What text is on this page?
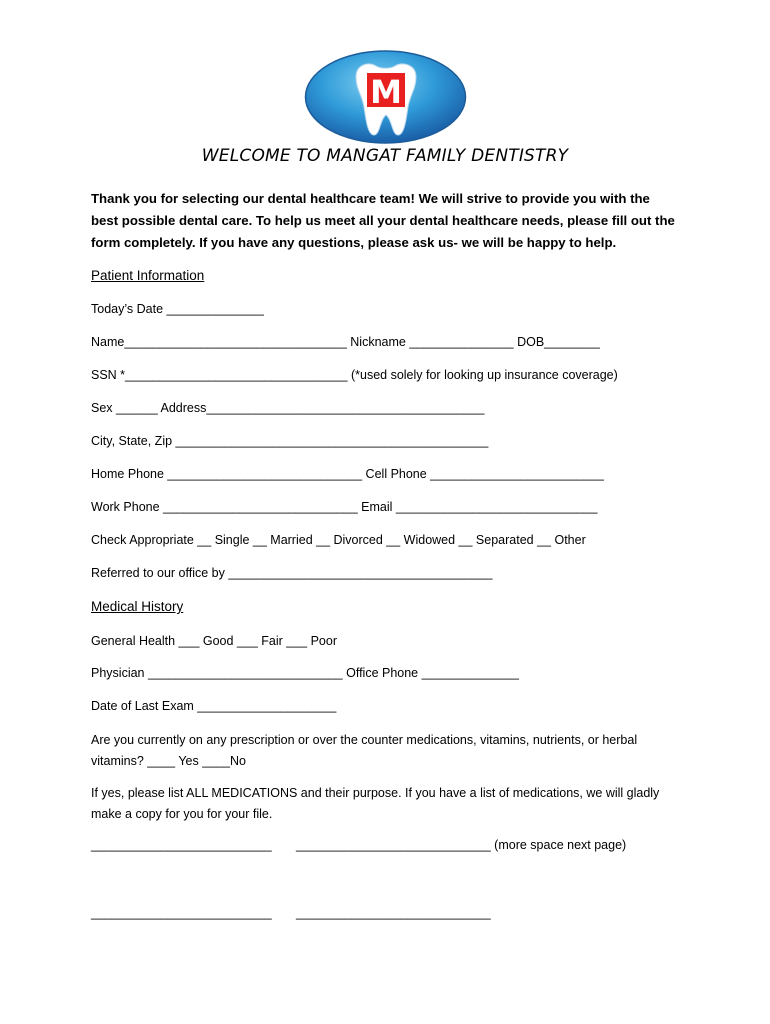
M
WELCOME TO MANGAT FAMILY DENTISTRY

Thank you for selecting our dental healthcare team! We will strive to provide you with the

best possible dental care. To help us meet all your dental healthcare needs, please fill out the

form completely. If you have any questions, please ask us- we will be happy to help.

Patient Information
Today’s Date ______________
Name________________________________ Nickname _______________ DOB________
SSN *________________________________ (*used solely for looking up insurance coverage)
Sex ______ Address________________________________________
City, State, Zip _____________________________________________
Home Phone ____________________________ Cell Phone _________________________
Work Phone ____________________________ Email _____________________________
Check Appropriate __ Single __ Married __ Divorced __ Widowed __ Separated __ Other
Referred to our office by ______________________________________
Medical History
General Health ___ Good ___ Fair ___ Poor
Physician ____________________________ Office Phone ______________
Date of Last Exam ____________________

Are you currently on any prescription or over the counter medications, vitamins, nutrients, or herbal

vitamins? ____ Yes ____No

If yes, please list ALL MEDICATIONS and their purpose. If you have a list of medications, we will gladly

make a copy for you for your file.

__________________________       ____________________________ (more space next page)
__________________________       ____________________________
